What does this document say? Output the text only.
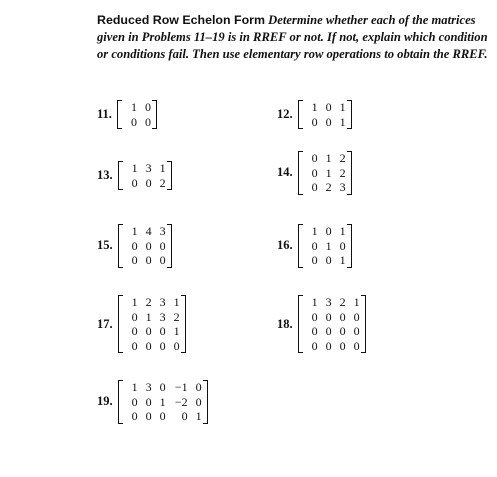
Reduced Row Echelon Form Determine whether each of the matrices given in Problems 11–19 is in RREF or not. If not, explain which condition or conditions fail. Then use elementary row operations to obtain the RREF.
11.	1 0
0 0
12.	1 0 1
0 0 1
13.	1 3 1
0 0 2
14.
0 1 2
0 1 2
0 2 3
15.
1 4 3
0 0 0
0 0 0
16.
1 0 1
0 1 0
0 0 1
17.
1 2 3 1
0 1 3 2
0 0 0 1
0 0 0 0
18.
1 3 2 1
0 0 0 0
0 0 0 0
0 0 0 0
19.
1 3 0 −1 0
0 0 1 −2 0
0 0 0	0 1
